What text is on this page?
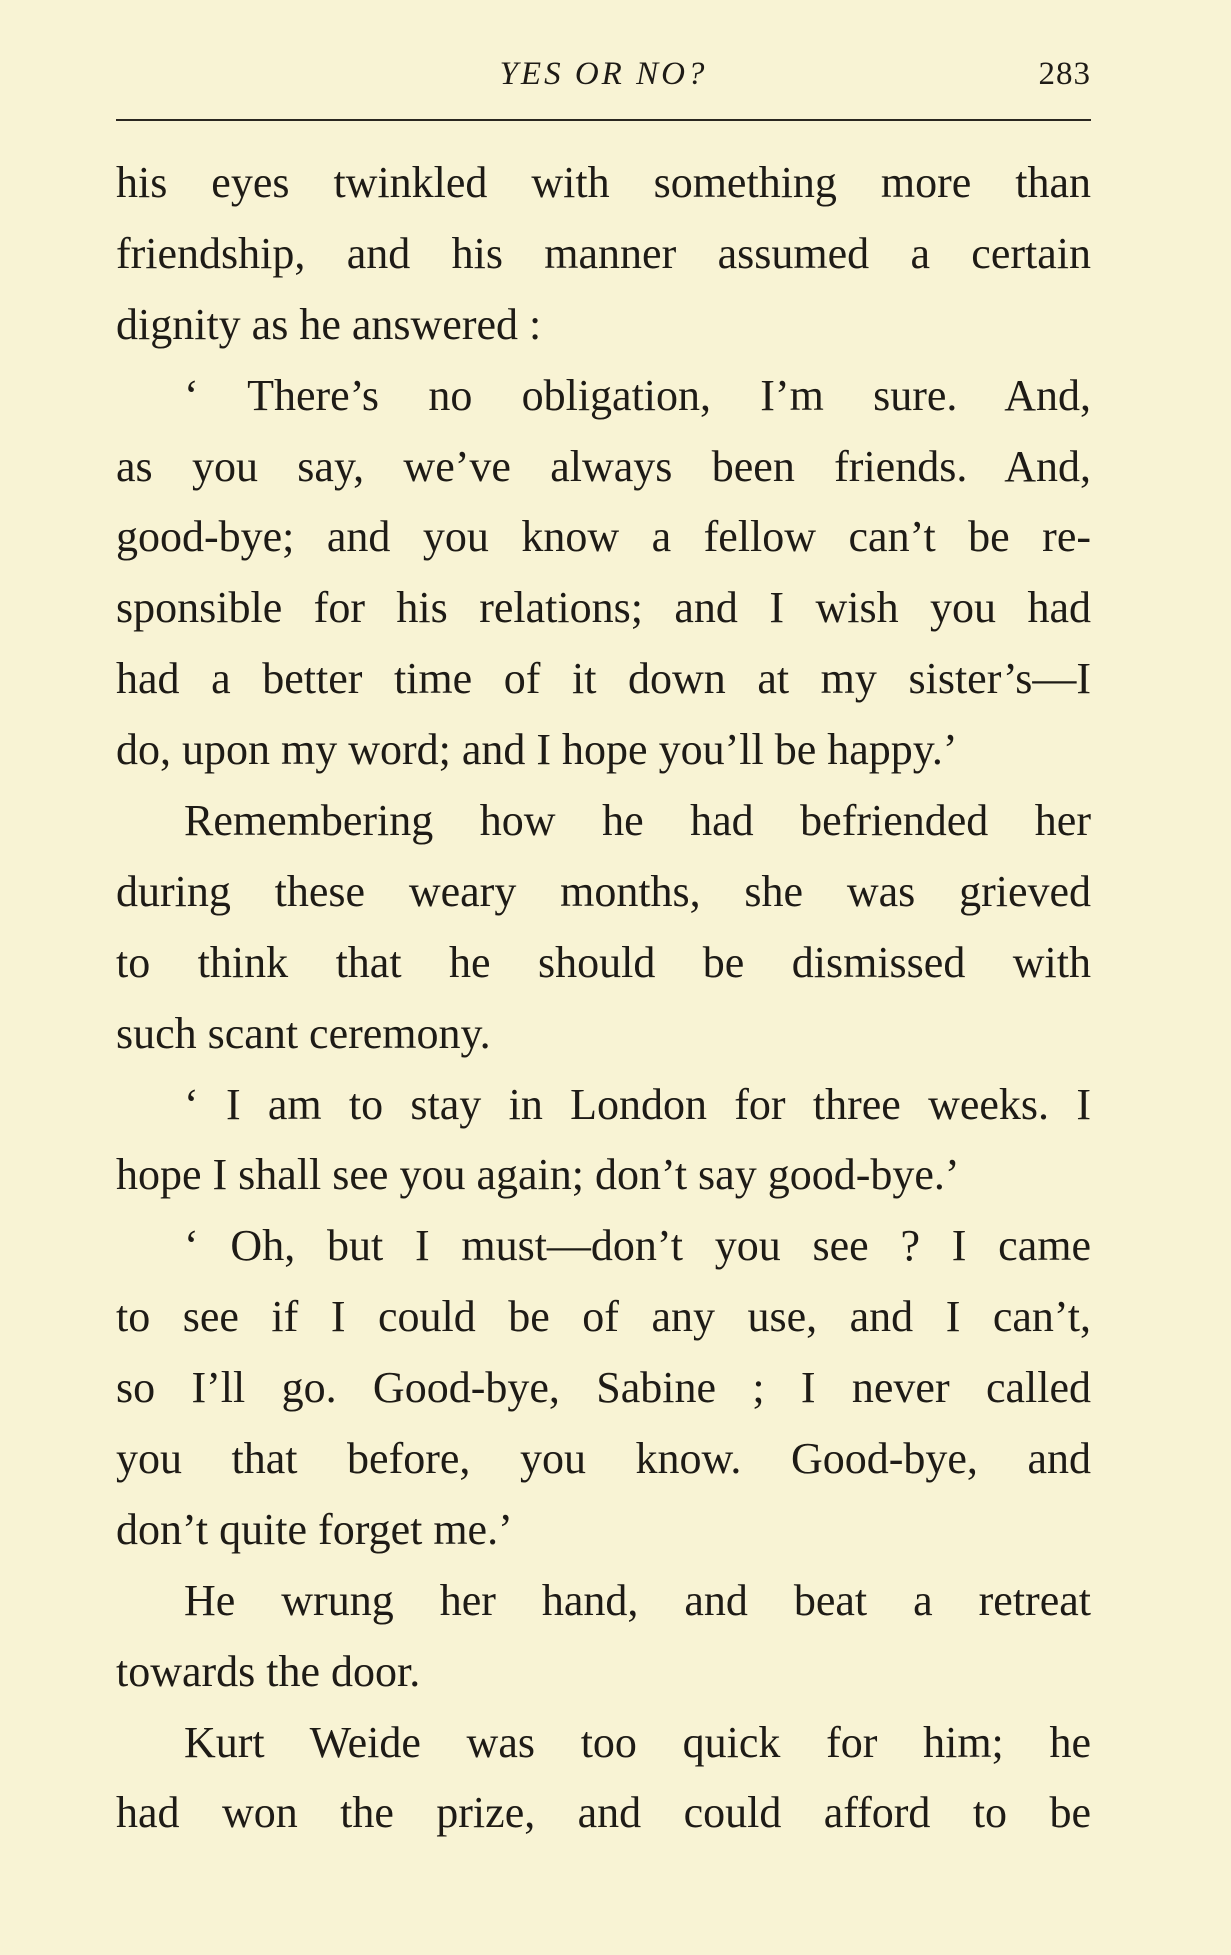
YES OR NO?	283
his eyes twinkled with something more than
friendship, and his manner assumed a certain
dignity as he answered :
‘ There’s no obligation, I’m sure. And,
as you say, we’ve always been friends. And,
good-bye; and you know a fellow can’t be re-
sponsible for his relations; and I wish you had
had a better time of it down at my sister’s—I
do, upon my word; and I hope you’ll be happy.’
Remembering how he had befriended her
during these weary months, she was grieved
to think that he should be dismissed with
such scant ceremony.
‘ I am to stay in London for three weeks. I
hope I shall see you again; don’t say good-bye.’
‘ Oh, but I must—don’t you see ? I came
to see if I could be of any use, and I can’t,
so I’ll go. Good-bye, Sabine ; I never called
you that before, you know. Good-bye, and
don’t quite forget me.’
He wrung her hand, and beat a retreat
towards the door.
Kurt Weide was too quick for him; he
had won the prize, and could afford to be
